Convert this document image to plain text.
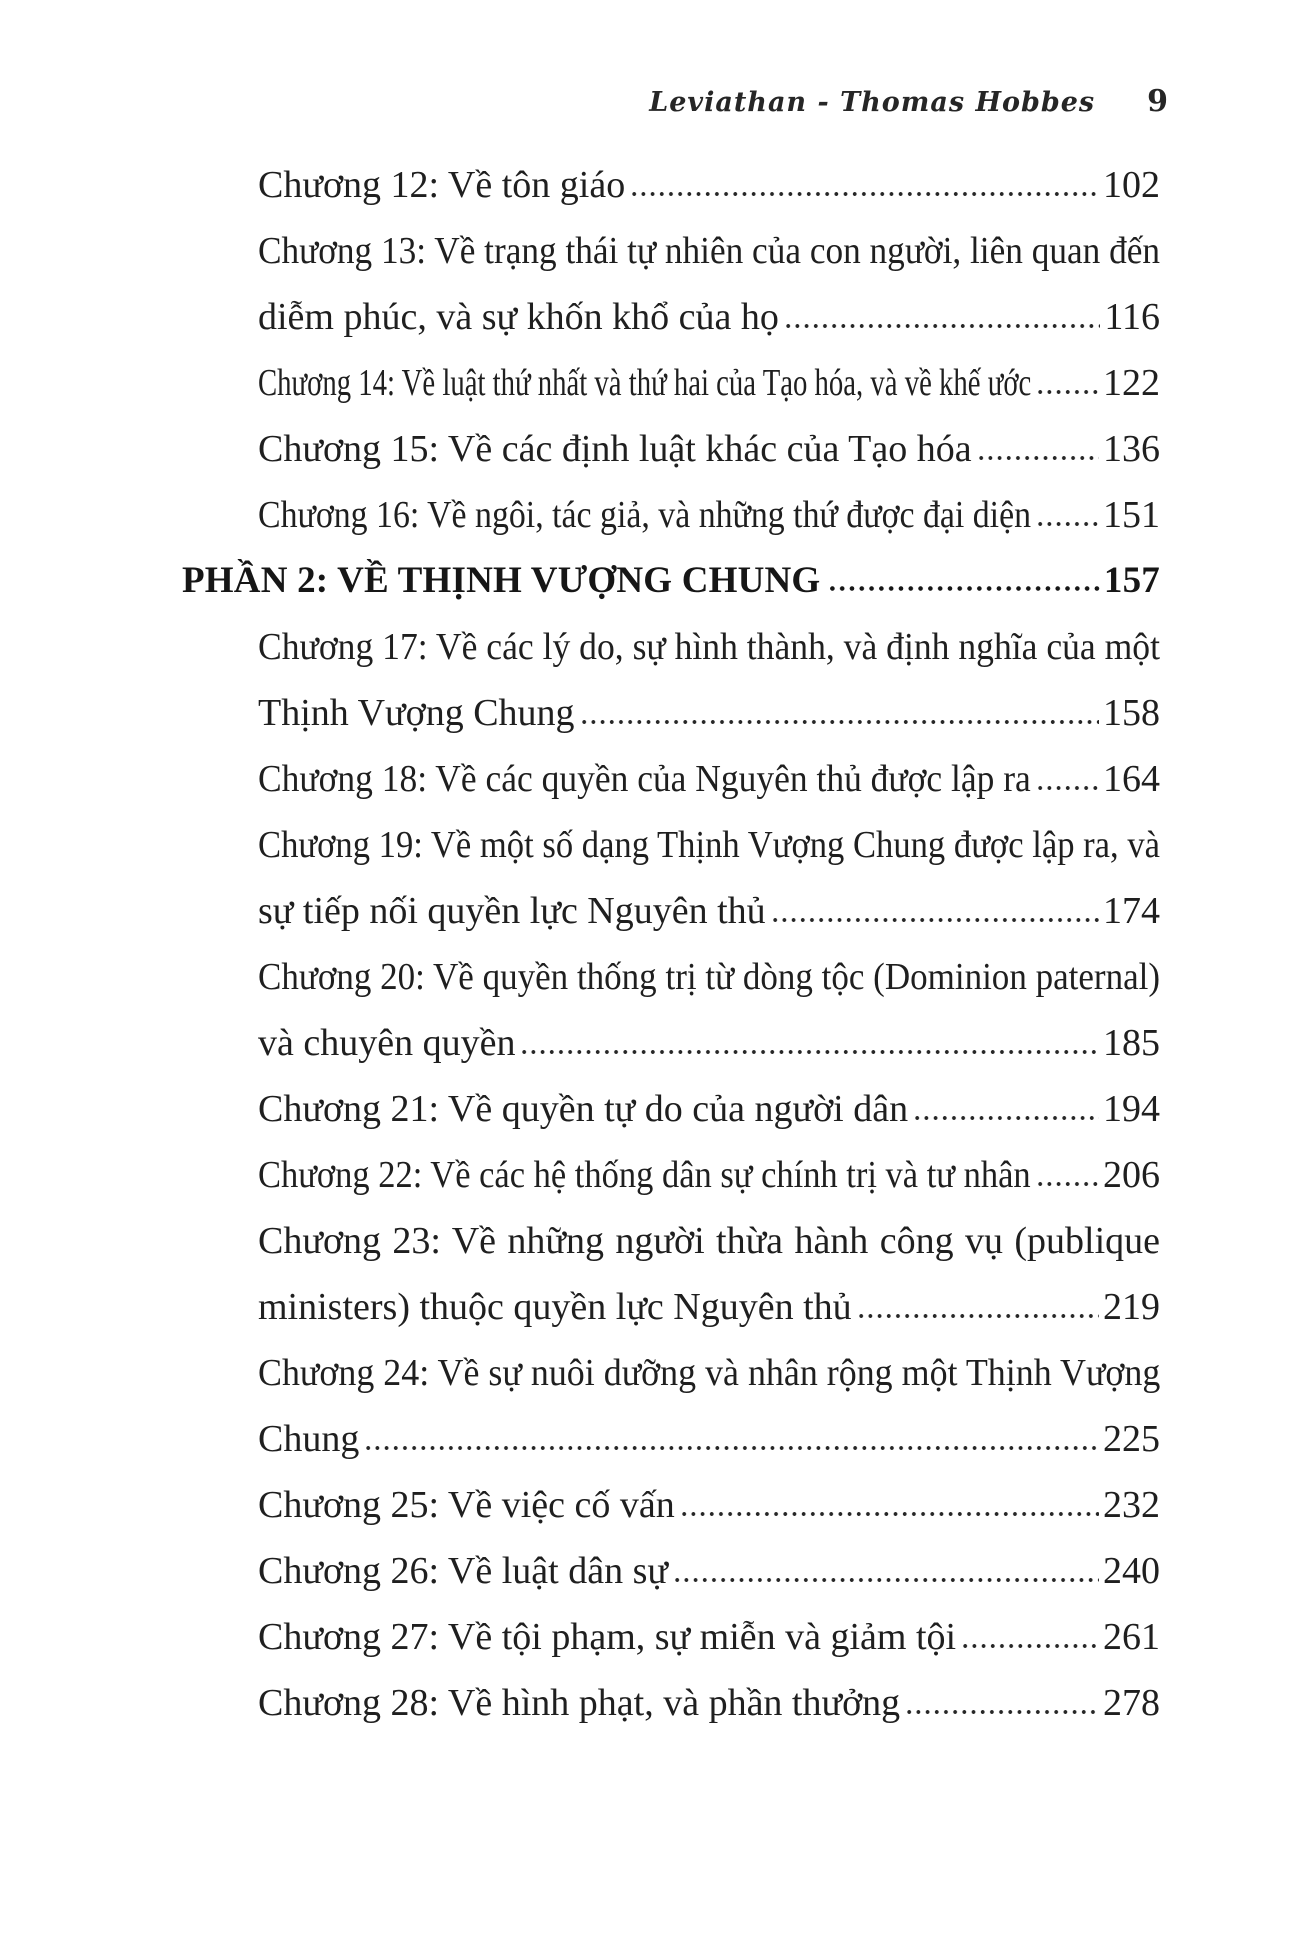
Leviathan - Thomas Hobbes 9
Chương 12: Về tôn giáo	102
Chương 13: Về trạng thái tự nhiên của con người, liên quan đến
diễm phúc, và sự khốn khổ của họ	116
Chương 14: Về luật thứ nhất và thứ hai của Tạo hóa, và về khế ước 122
Chương 15: Về các định luật khác của Tạo hóa	136
Chương 16: Về ngôi, tác giả, và những thứ được đại diện 151
PHẦN 2: VỀ THỊNH VƯỢNG CHUNG	157
Chương 17: Về các lý do, sự hình thành, và định nghĩa của một
Thịnh Vượng Chung	158
Chương 18: Về các quyền của Nguyên thủ được lập ra 164
Chương 19: Về một số dạng Thịnh Vượng Chung được lập ra, và
sự tiếp nối quyền lực Nguyên thủ	174
Chương 20: Về quyền thống trị từ dòng tộc (Dominion paternal)
và chuyên quyền	185
Chương 21: Về quyền tự do của người dân	194
Chương 22: Về các hệ thống dân sự chính trị và tư nhân 206
Chương 23: Về những người thừa hành công vụ (publique
ministers) thuộc quyền lực Nguyên thủ	219
Chương 24: Về sự nuôi dưỡng và nhân rộng một Thịnh Vượng
Chung	225
Chương 25: Về việc cố vấn	232
Chương 26: Về luật dân sự	240
Chương 27: Về tội phạm, sự miễn và giảm tội	261
Chương 28: Về hình phạt, và phần thưởng	278
